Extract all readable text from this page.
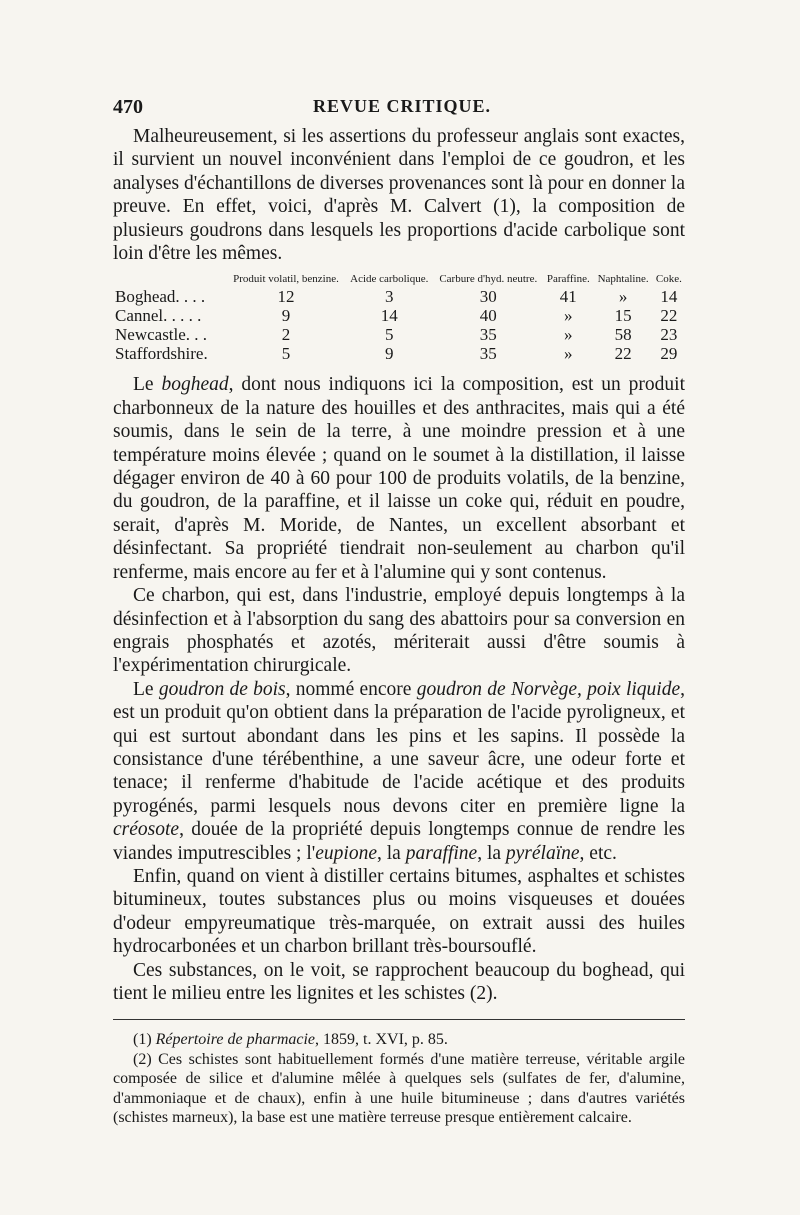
470	REVUE CRITIQUE.

Malheureusement, si les assertions du professeur anglais sont exactes, il survient un nouvel inconvénient dans l'emploi de ce goudron, et les analyses d'échantillons de diverses provenances sont là pour en donner la preuve. En effet, voici, d'après M. Calvert (1), la composition de plusieurs goudrons dans lesquels les proportions d'acide carbolique sont loin d'être les mêmes.

	Produit volatil, benzine.	Acide carbolique.	Carbure d'hyd. neutre.	Paraffine.	Naphtaline.	Coke.
Boghead. . . .	12	3	30	41	»	14
Cannel. . . . .	9	14	40	»	15	22
Newcastle. . .	2	5	35	»	58	23
Staffordshire.	5	9	35	»	22	29

Le boghead, dont nous indiquons ici la composition, est un produit charbonneux de la nature des houilles et des anthracites, mais qui a été soumis, dans le sein de la terre, à une moindre pression et à une température moins élevée ; quand on le soumet à la distillation, il laisse dégager environ de 40 à 60 pour 100 de produits volatils, de la benzine, du goudron, de la paraffine, et il laisse un coke qui, réduit en poudre, serait, d'après M. Moride, de Nantes, un excellent absorbant et désinfectant. Sa propriété tiendrait non-seulement au charbon qu'il renferme, mais encore au fer et à l'alumine qui y sont contenus.

Ce charbon, qui est, dans l'industrie, employé depuis longtemps à la désinfection et à l'absorption du sang des abattoirs pour sa conversion en engrais phosphatés et azotés, mériterait aussi d'être soumis à l'expérimentation chirurgicale.

Le goudron de bois, nommé encore goudron de Norvège, poix liquide, est un produit qu'on obtient dans la préparation de l'acide pyroligneux, et qui est surtout abondant dans les pins et les sapins. Il possède la consistance d'une térébenthine, a une saveur âcre, une odeur forte et tenace; il renferme d'habitude de l'acide acétique et des produits pyrogénés, parmi lesquels nous devons citer en première ligne la créosote, douée de la propriété depuis longtemps connue de rendre les viandes imputrescibles ; l'eupione, la paraffine, la pyrélaïne, etc.

Enfin, quand on vient à distiller certains bitumes, asphaltes et schistes bitumineux, toutes substances plus ou moins visqueuses et douées d'odeur empyreumatique très-marquée, on extrait aussi des huiles hydrocarbonées et un charbon brillant très-boursouflé.

Ces substances, on le voit, se rapprochent beaucoup du boghead, qui tient le milieu entre les lignites et les schistes (2).

(1) Répertoire de pharmacie, 1859, t. XVI, p. 85.

(2) Ces schistes sont habituellement formés d'une matière terreuse, véritable argile composée de silice et d'alumine mêlée à quelques sels (sulfates de fer, d'alumine, d'ammoniaque et de chaux), enfin à une huile bitumineuse ; dans d'autres variétés (schistes marneux), la base est une matière terreuse presque entièrement calcaire.
